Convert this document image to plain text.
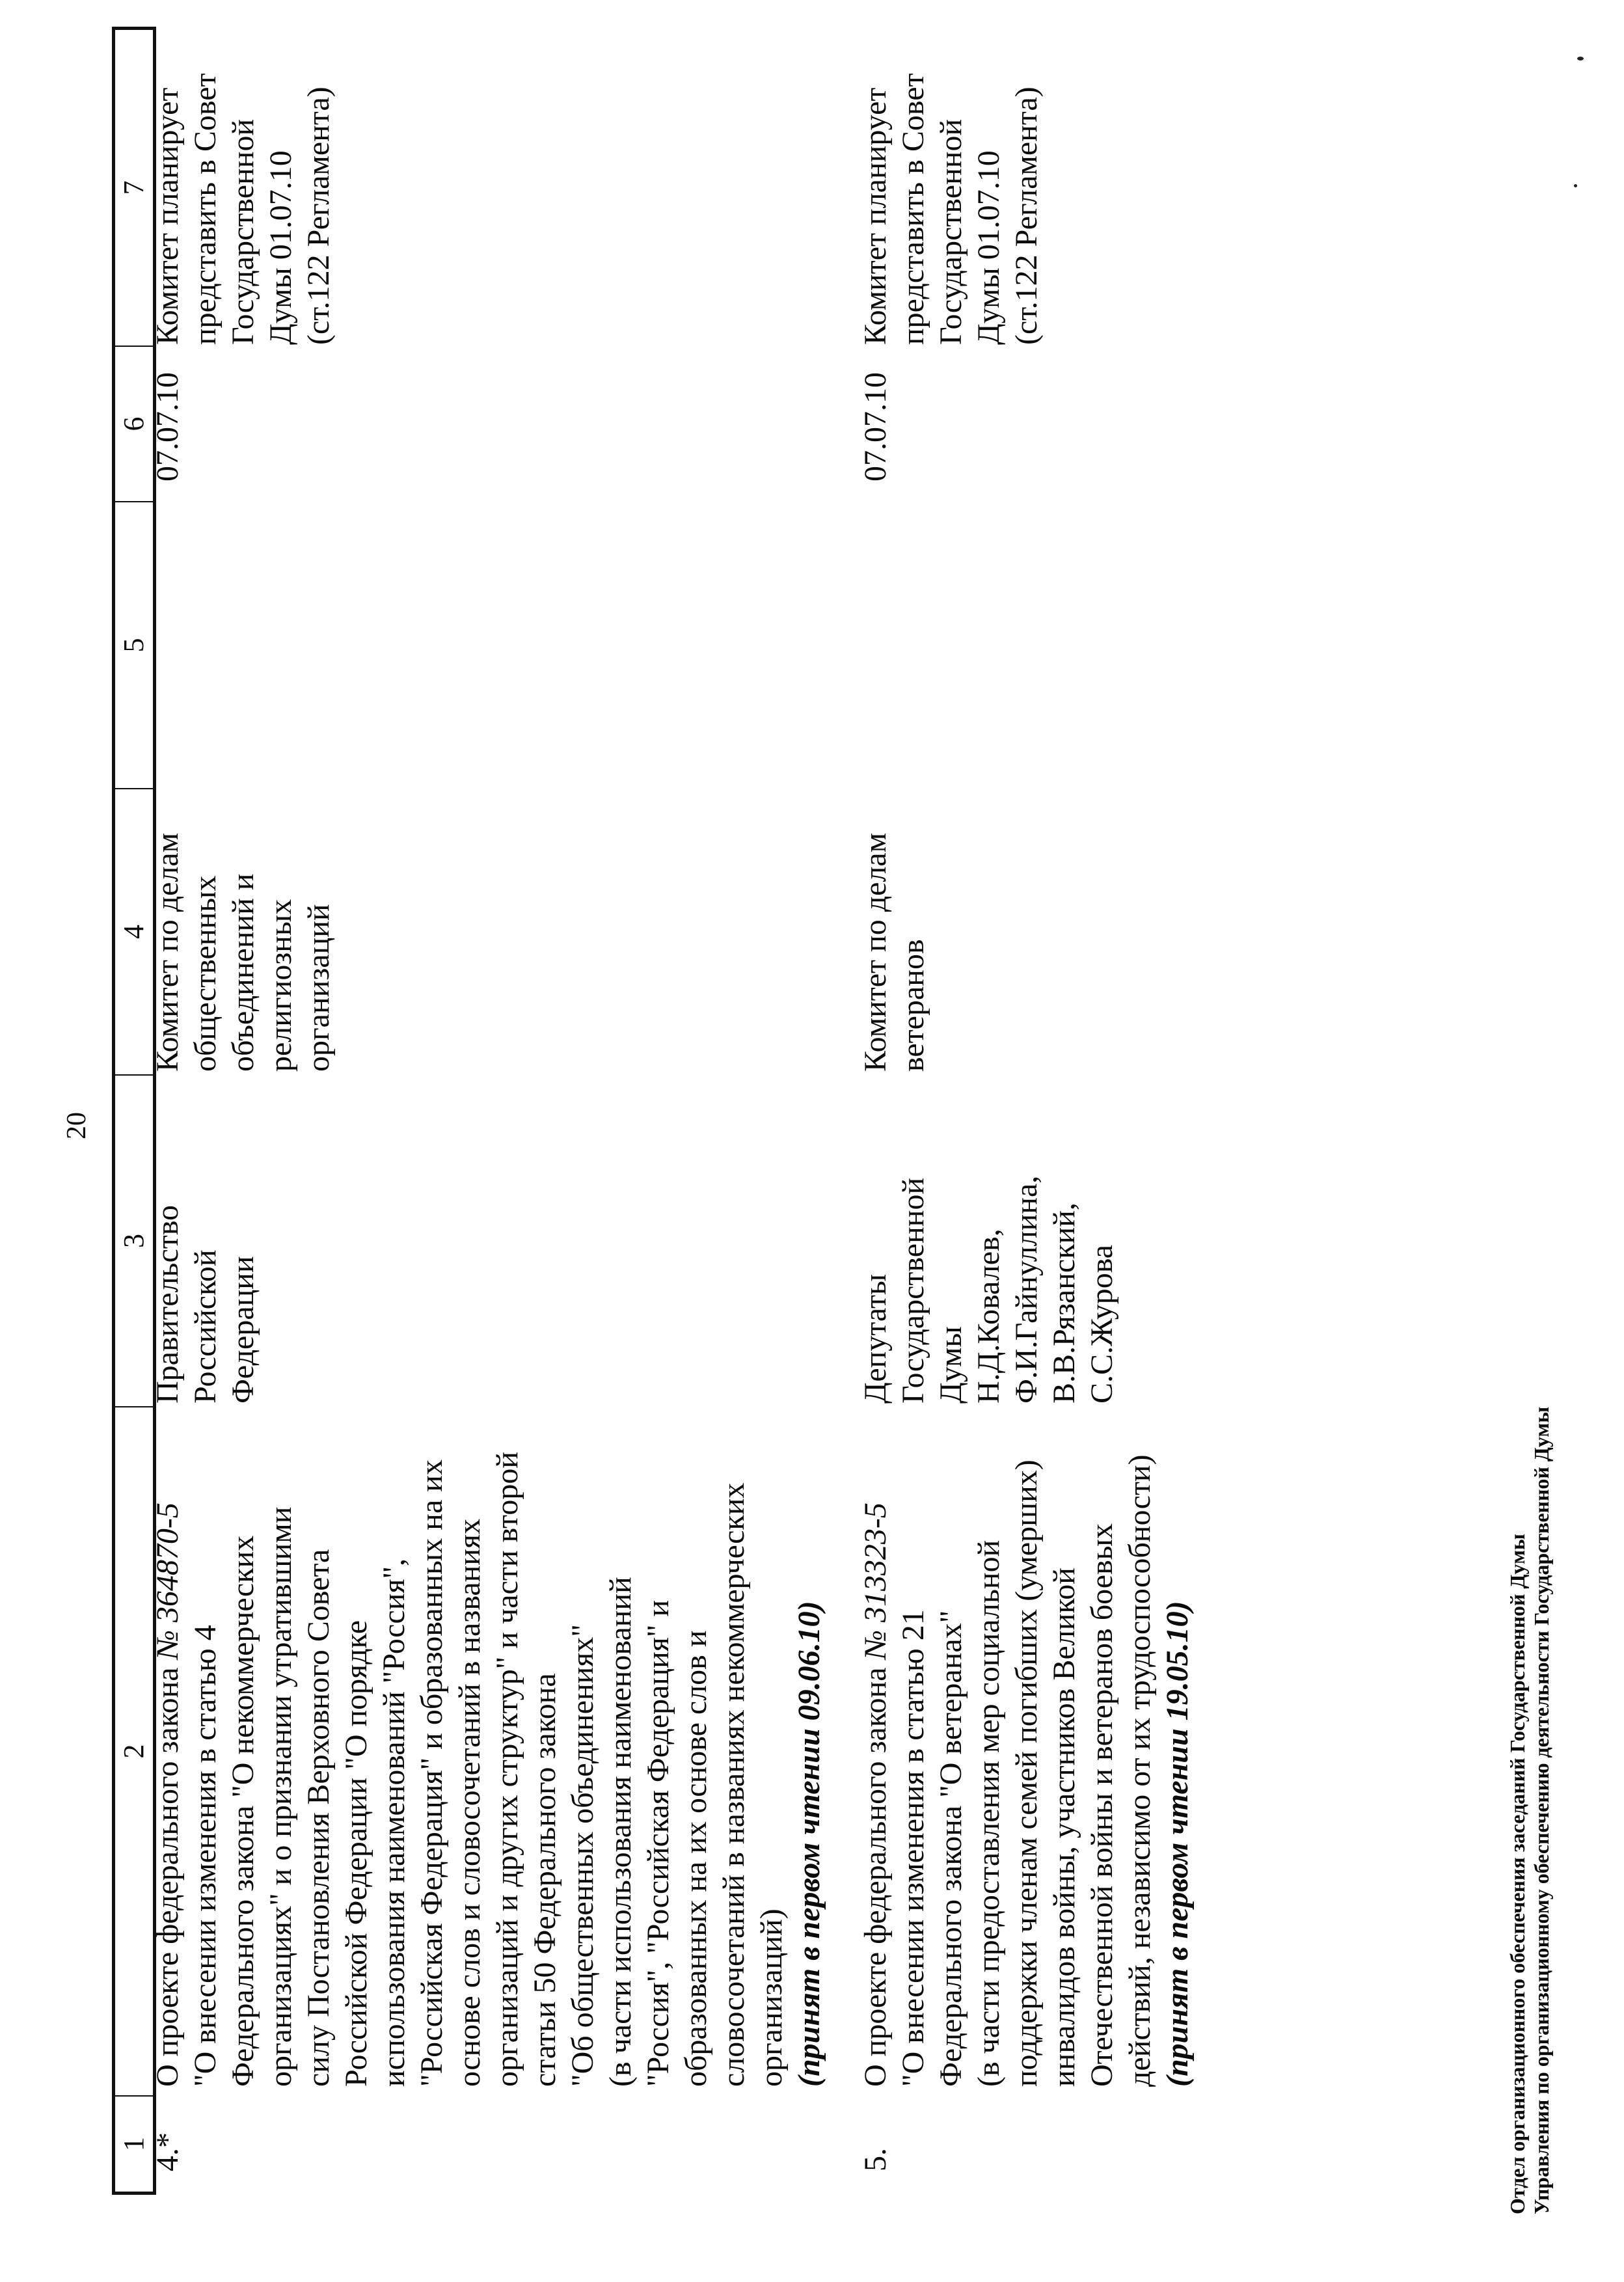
20
1
2
3
4
5
6
7
4.*
О проекте федерального закона № 364870-5
"О внесении изменения в статью 4 Федерального закона "О некоммерческих организациях" и о признании утратившими силу Постановления Верховного Совета Российской Федерации "О порядке использования наименований "Россия", "Российская Федерация" и образованных на их основе слов и словосочетаний в названиях организаций и других структур" и части второй статьи 50 Федерального закона "Об общественных объединениях" (в части использования наименований "Россия", "Российская Федерация" и образованных на их основе слов и словосочетаний в названиях некоммерческих организаций) (принят в первом чтении 09.06.10)
Правительство Российской Федерации
Комитет по делам общественных объединений и религиозных организаций
07.07.10
Комитет планирует представить в Совет Государственной Думы 01.07.10 (ст.122 Регламента)
5.
О проекте федерального закона № 313323-5
"О внесении изменения в статью 21 Федерального закона "О ветеранах" (в части предоставления мер социальной поддержки членам семей погибших (умерших) инвалидов войны, участников Великой Отечественной войны и ветеранов боевых действий, независимо от их трудоспособности) (принят в первом чтении 19.05.10)
Депутаты Государственной Думы Н.Д.Ковалев, Ф.И.Гайнуллина, В.В.Рязанский, С.С.Журова
Комитет по делам ветеранов
07.07.10
Комитет планирует представить в Совет Государственной Думы 01.07.10 (ст.122 Регламента)
Отдел организационного обеспечения заседаний Государственной Думы Управления по организационному обеспечению деятельности Государственной Думы
